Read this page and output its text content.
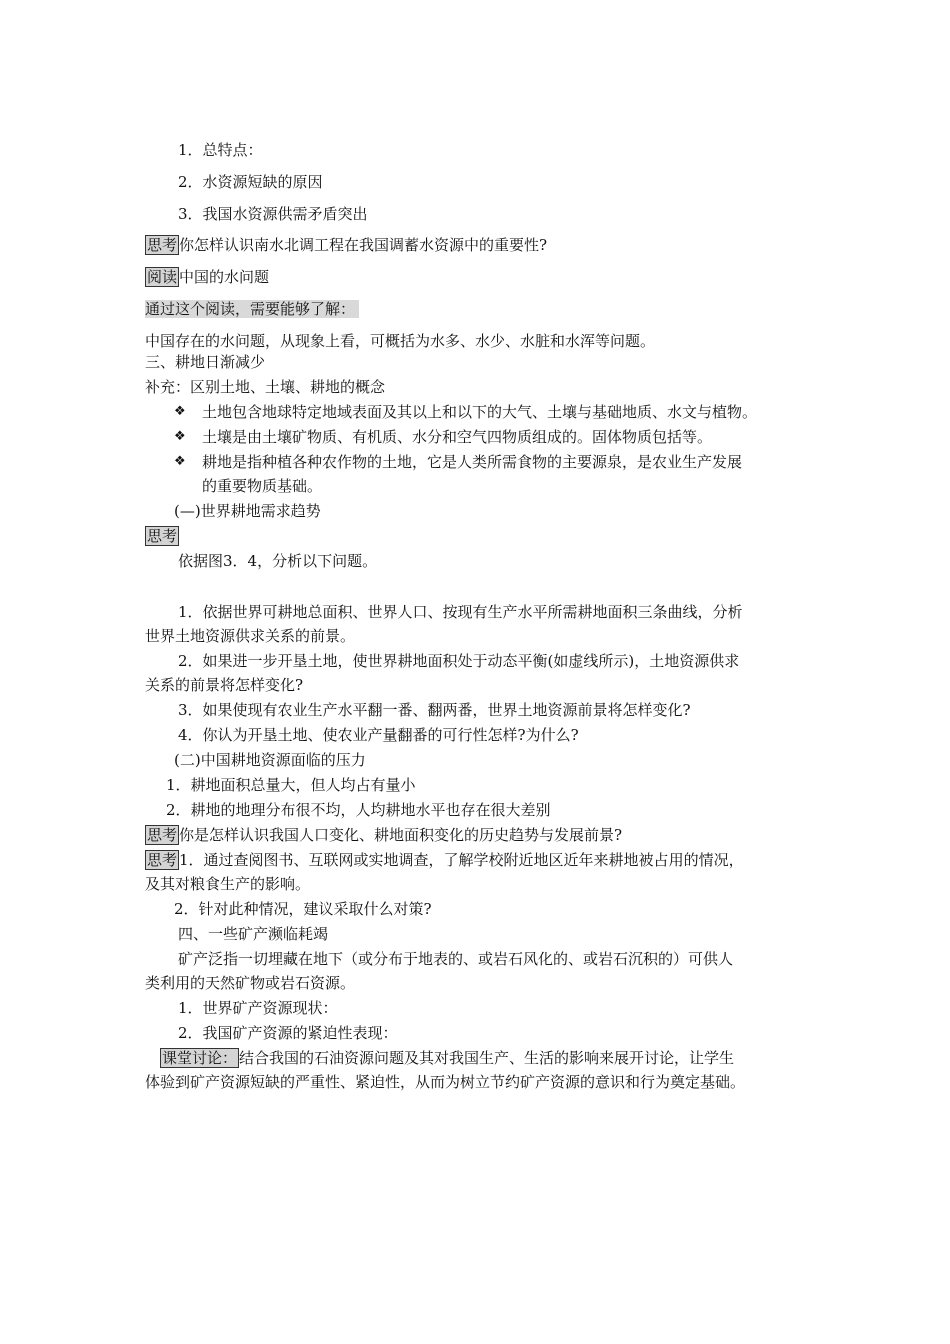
1．总特点：
2．水资源短缺的原因
3．我国水资源供需矛盾突出
思考 你怎样认识南水北调工程在我国调蓄水资源中的重要性?
阅读 中国的水问题
通过这个阅读，需要能够了解：
中国存在的水问题，从现象上看，可概括为水多、水少、水脏和水浑等问题。
三、耕地日渐减少
补充：区别土地、土壤、耕地的概念
❖ 土地包含地球特定地域表面及其以上和以下的大气、土壤与基础地质、水文与植物。
❖ 土壤是由土壤矿物质、有机质、水分和空气四物质组成的。固体物质包括等。
❖ 耕地是指种植各种农作物的土地，它是人类所需食物的主要源泉，是农业生产发展
的重要物质基础。
(—)世界耕地需求趋势
思考
依据图3．4，分析以下问题。
1．依据世界可耕地总面积、世界人口、按现有生产水平所需耕地面积三条曲线，分析
世界土地资源供求关系的前景。
2．如果进一步开垦土地，使世界耕地面积处于动态平衡(如虚线所示)，土地资源供求
关系的前景将怎样变化?
3．如果使现有农业生产水平翻一番、翻两番，世界土地资源前景将怎样变化?
4．你认为开垦土地、使农业产量翻番的可行性怎样?为什么?
(二)中国耕地资源面临的压力
1．耕地面积总量大，但人均占有量小
2．耕地的地理分布很不均，人均耕地水平也存在很大差别
思考 你是怎样认识我国人口变化、耕地面积变化的历史趋势与发展前景?
思考 1．通过查阅图书、互联网或实地调查，了解学校附近地区近年来耕地被占用的情况，
及其对粮食生产的影响。
2．针对此种情况，建议采取什么对策?
四、一些矿产濒临耗竭
矿产泛指一切埋藏在地下（或分布于地表的、或岩石风化的、或岩石沉积的）可供人
类利用的天然矿物或岩石资源。
1．世界矿产资源现状：
2．我国矿产资源的紧迫性表现：
课堂讨论： 结合我国的石油资源问题及其对我国生产、生活的影响来展开讨论，让学生
体验到矿产资源短缺的严重性、紧迫性，从而为树立节约矿产资源的意识和行为奠定基础。
